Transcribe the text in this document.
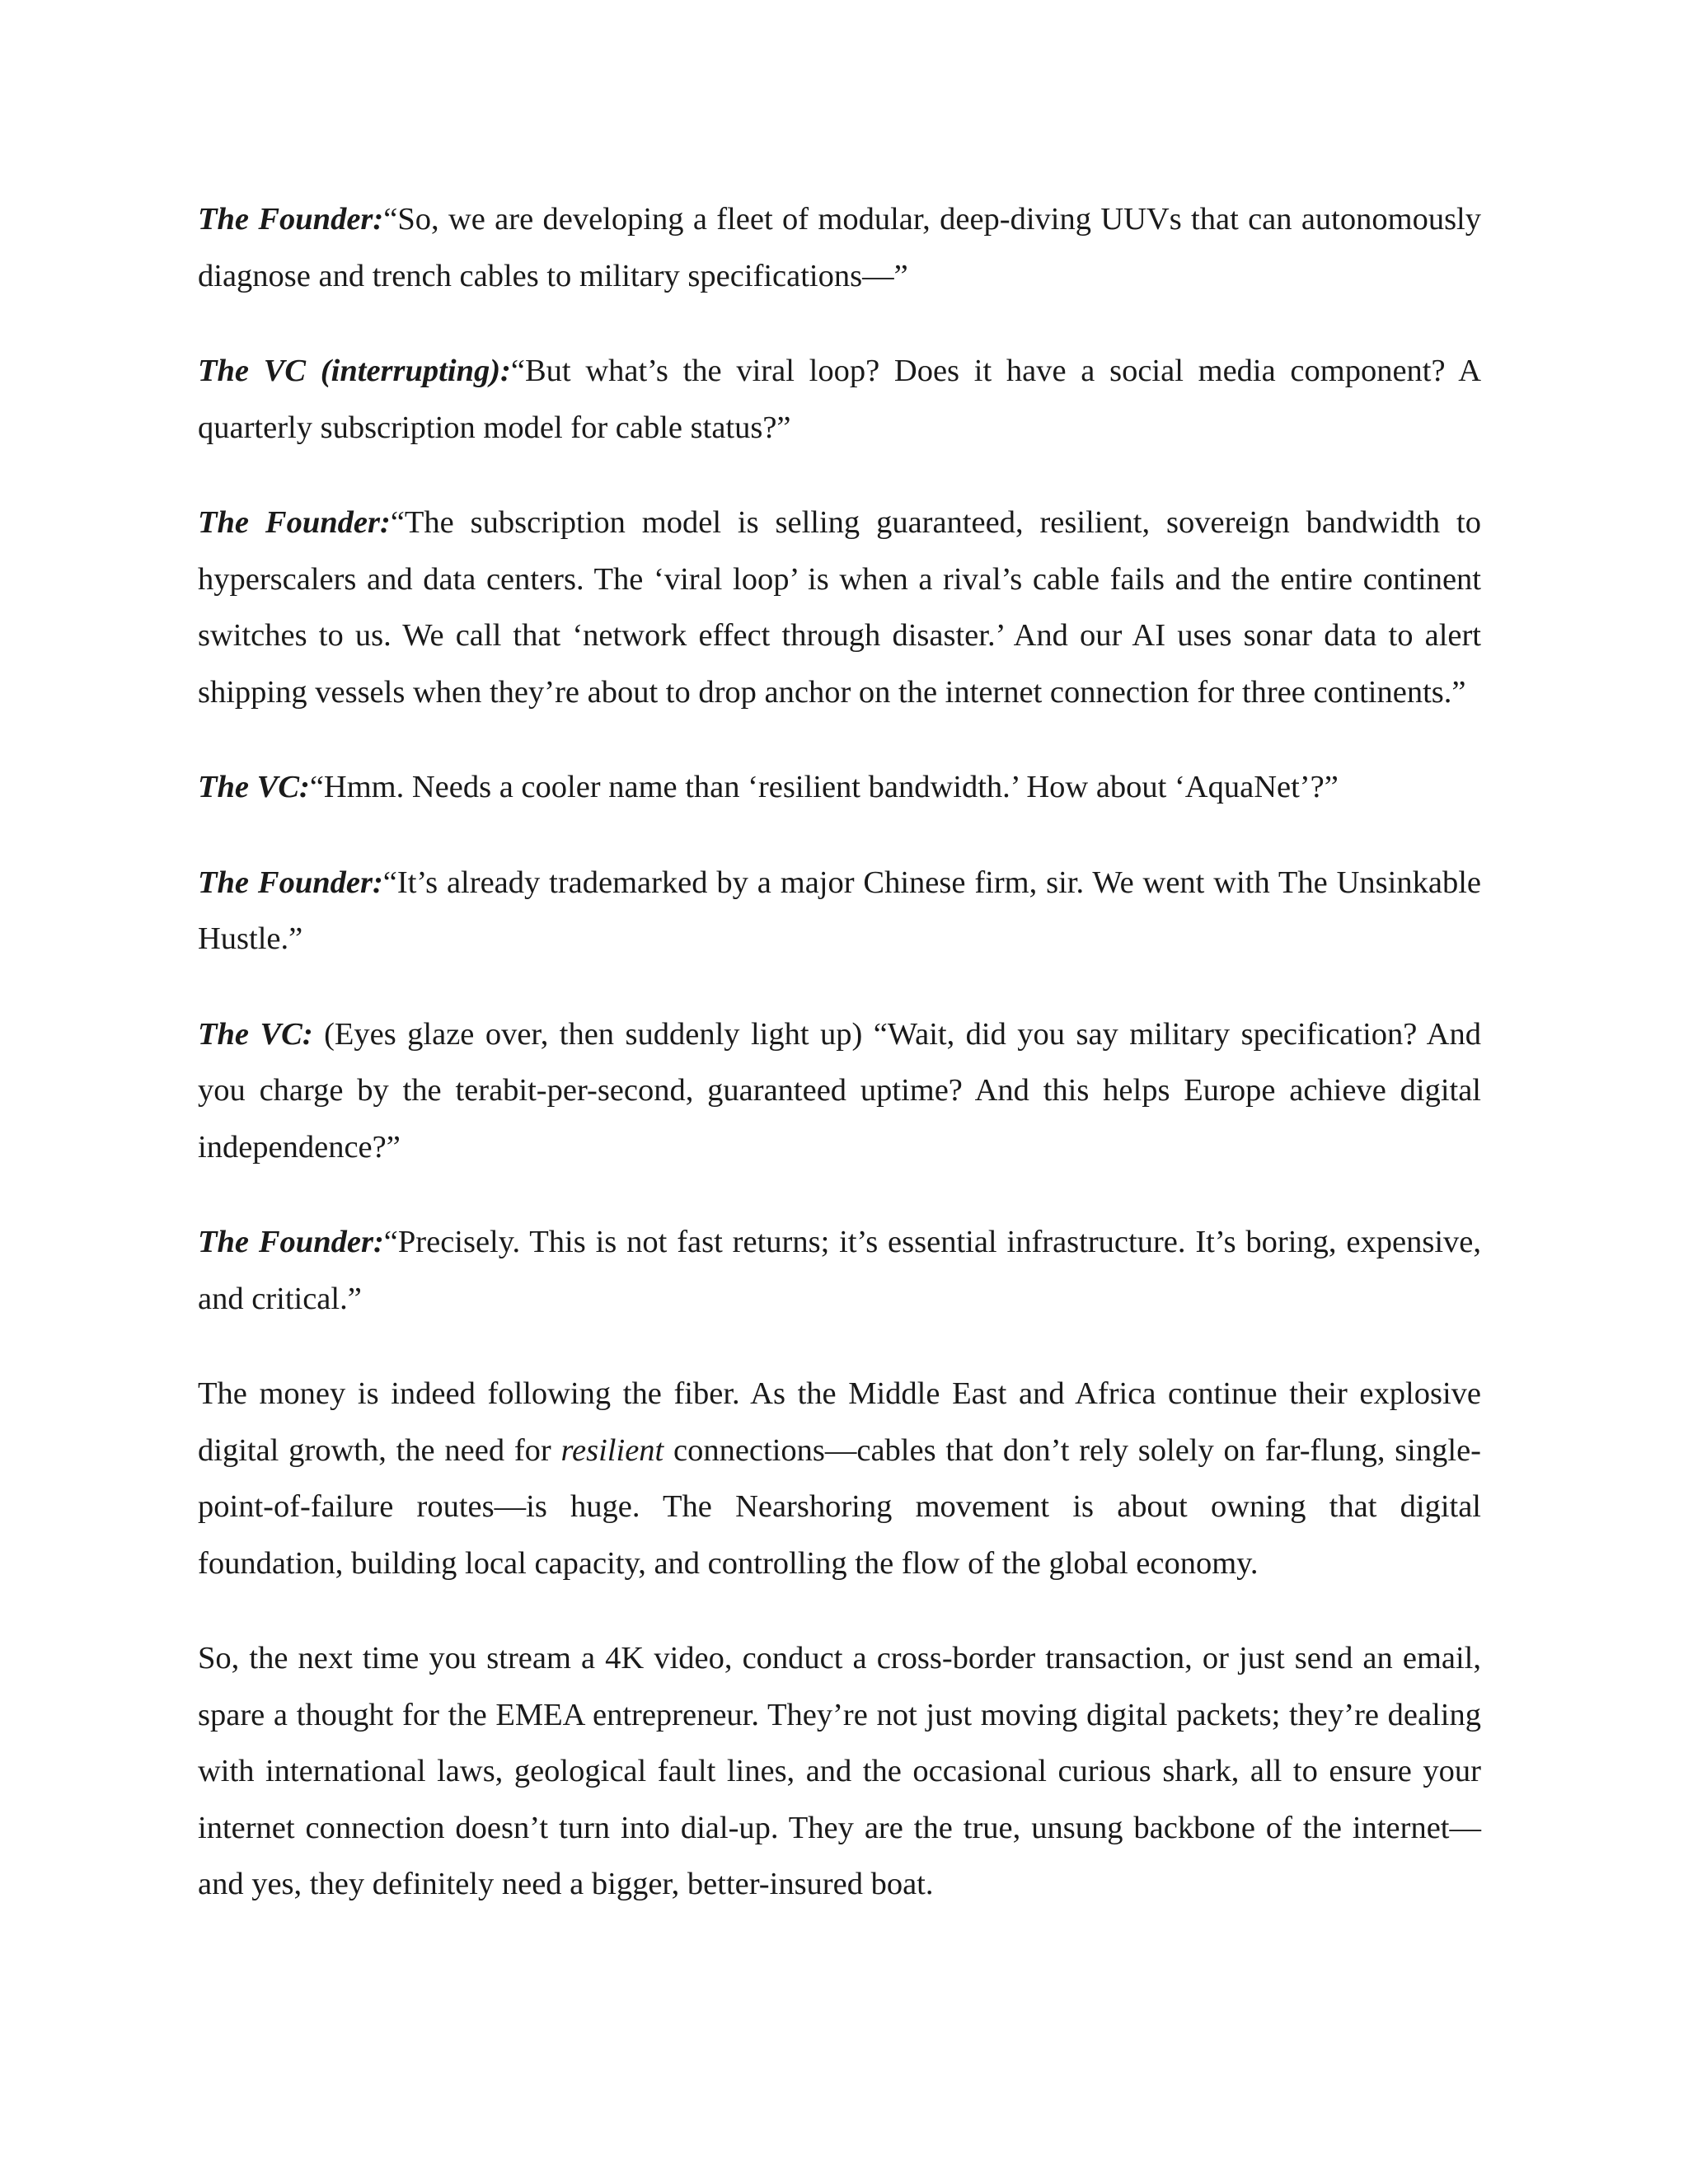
The Founder:“So, we are developing a fleet of modular, deep-diving UUVs that can autonomously diagnose and trench cables to military specifications—”

The VC (interrupting):“But what’s the viral loop? Does it have a social media component? A quarterly subscription model for cable status?”

The Founder:“The subscription model is selling guaranteed, resilient, sovereign bandwidth to hyperscalers and data centers. The ‘viral loop’ is when a rival’s cable fails and the entire continent switches to us. We call that ‘network effect through disaster.’ And our AI uses sonar data to alert shipping vessels when they’re about to drop anchor on the internet connection for three continents.”

The VC:“Hmm. Needs a cooler name than ‘resilient bandwidth.’ How about ‘AquaNet’?”

The Founder:“It’s already trademarked by a major Chinese firm, sir. We went with The Unsinkable Hustle.”

The VC: (Eyes glaze over, then suddenly light up) “Wait, did you say military specification? And you charge by the terabit-per-second, guaranteed uptime? And this helps Europe achieve digital independence?”

The Founder:“Precisely. This is not fast returns; it’s essential infrastructure. It’s boring, expensive, and critical.”

The money is indeed following the fiber. As the Middle East and Africa continue their explosive digital growth, the need for resilient connections—cables that don’t rely solely on far-flung, single-point-of-failure routes—is huge. The Nearshoring movement is about owning that digital foundation, building local capacity, and controlling the flow of the global economy.

So, the next time you stream a 4K video, conduct a cross-border transaction, or just send an email, spare a thought for the EMEA entrepreneur. They’re not just moving digital packets; they’re dealing with international laws, geological fault lines, and the occasional curious shark, all to ensure your internet connection doesn’t turn into dial-up. They are the true, unsung backbone of the internet—and yes, they definitely need a bigger, better-insured boat.
